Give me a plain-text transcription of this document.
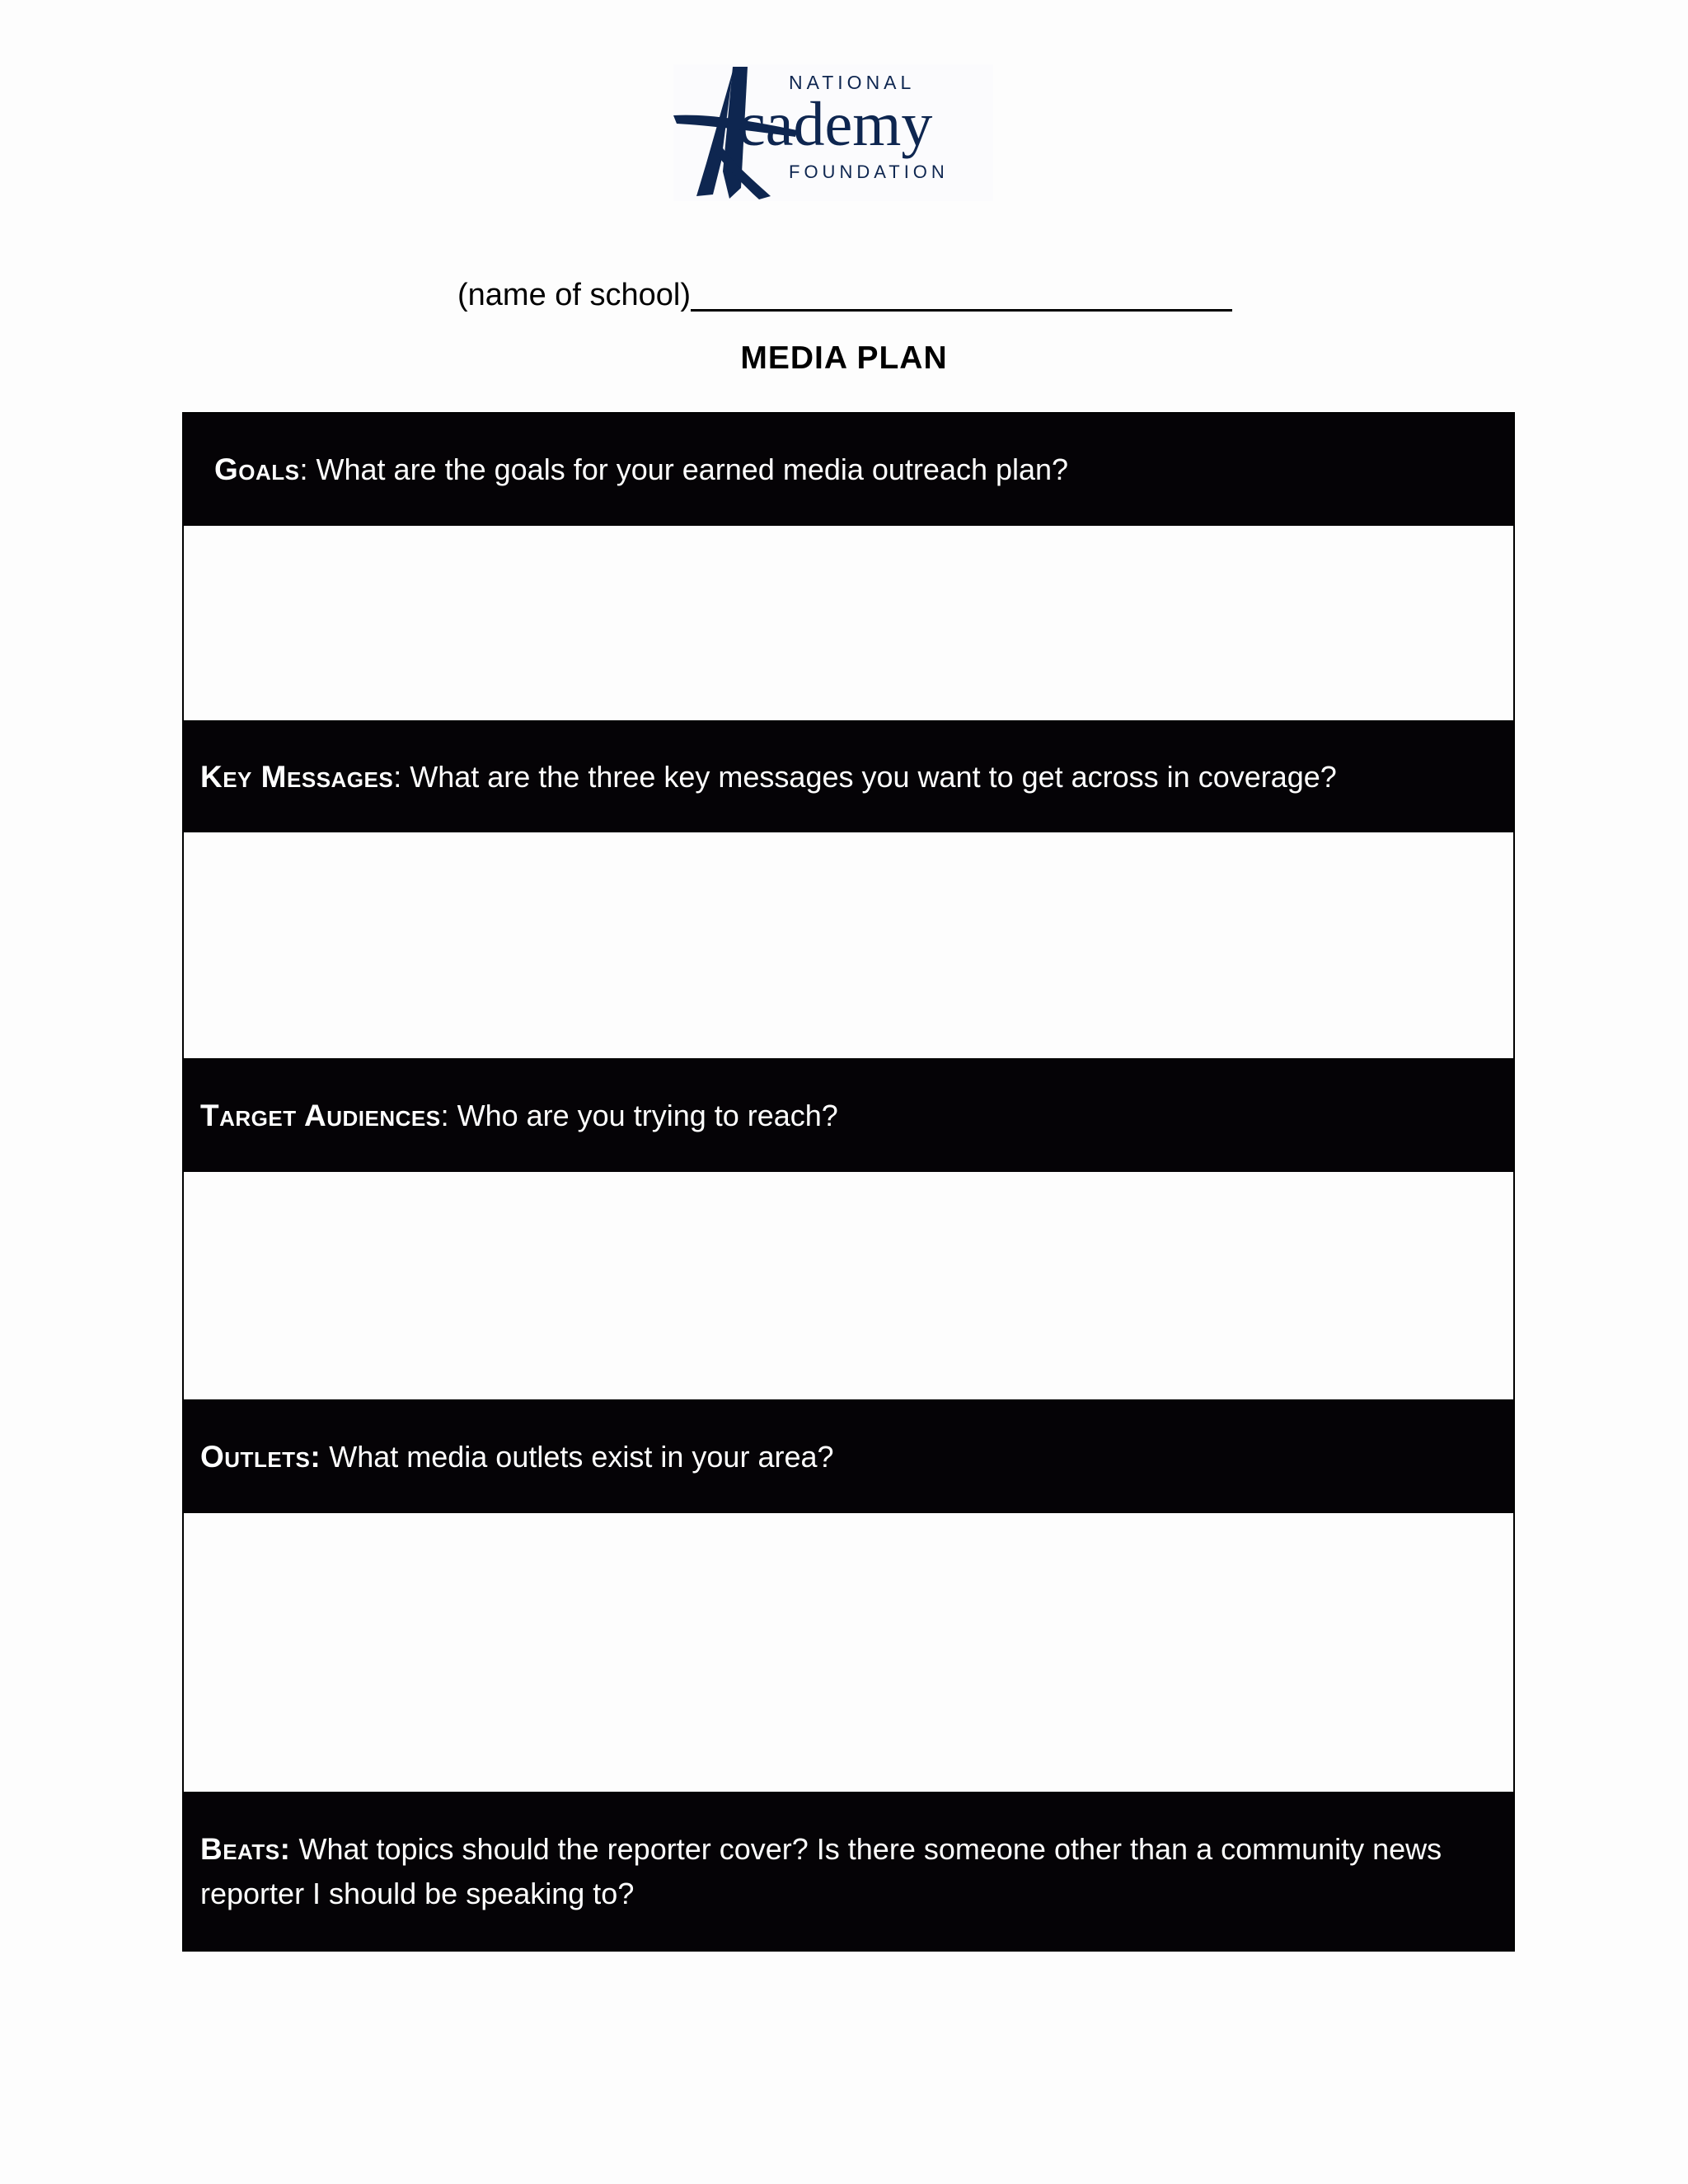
NATIONAL
cademy
FOUNDATION
(name of school)
MEDIA PLAN
Goals: What are the goals for your earned media outreach plan?
Key Messages: What are the three key messages you want to get across in coverage?
Target Audiences: Who are you trying to reach?
Outlets: What media outlets exist in your area?
Beats: What topics should the reporter cover? Is there someone other than a community news reporter I should be speaking to?
